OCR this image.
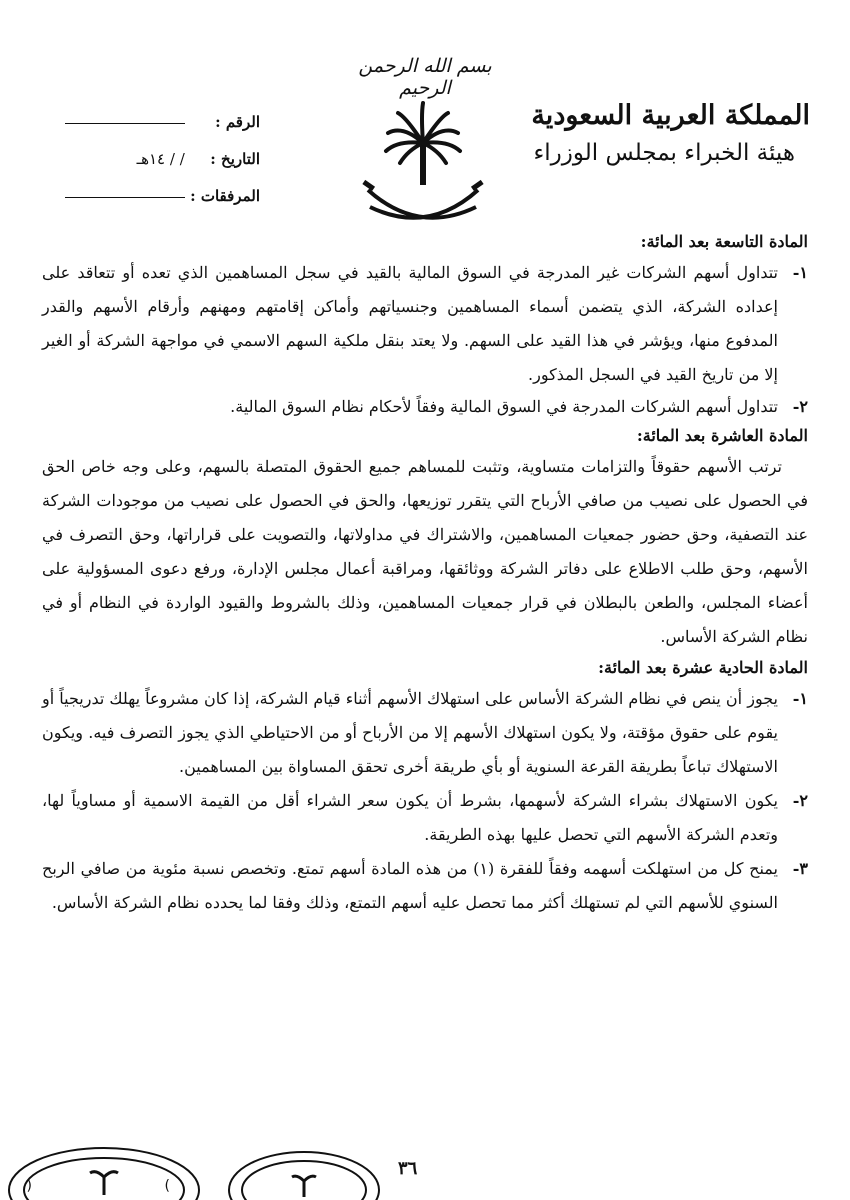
بسم الله الرحمن الرحيم
المملكة العربية السعودية
هيئة الخبراء بمجلس الوزراء
الرقم :
التاريخ : / / ١٤هـ
المرفقات :

المادة التاسعة بعد المائة:

١-
تتداول أسهم الشركات غير المدرجة في السوق المالية بالقيد في سجل المساهمين الذي تعده أو تتعاقد على إعداده الشركة، الذي يتضمن أسماء المساهمين وجنسياتهم وأماكن إقامتهم ومهنهم وأرقام الأسهم والقدر المدفوع منها، ويؤشر في هذا القيد على السهم. ولا يعتد بنقل ملكية السهم الاسمي في مواجهة الشركة أو الغير إلا من تاريخ القيد في السجل المذكور.
٢-
تتداول أسهم الشركات المدرجة في السوق المالية وفقاً لأحكام نظام السوق المالية.

المادة العاشرة بعد المائة:

ترتب الأسهم حقوقاً والتزامات متساوية، وتثبت للمساهم جميع الحقوق المتصلة بالسهم، وعلى وجه خاص الحق في الحصول على نصيب من صافي الأرباح التي يتقرر توزيعها، والحق في الحصول على نصيب من موجودات الشركة عند التصفية، وحق حضور جمعيات المساهمين، والاشتراك في مداولاتها، والتصويت على قراراتها، وحق التصرف في الأسهم، وحق طلب الاطلاع على دفاتر الشركة ووثائقها، ومراقبة أعمال مجلس الإدارة، ورفع دعوى المسؤولية على أعضاء المجلس، والطعن بالبطلان في قرار جمعيات المساهمين، وذلك بالشروط والقيود الواردة في النظام أو في نظام الشركة الأساس.

المادة الحادية عشرة بعد المائة:

١-
يجوز أن ينص في نظام الشركة الأساس على استهلاك الأسهم أثناء قيام الشركة، إذا كان مشروعاً يهلك تدريجياً أو يقوم على حقوق مؤقتة، ولا يكون استهلاك الأسهم إلا من الأرباح أو من الاحتياطي الذي يجوز التصرف فيه. ويكون الاستهلاك تباعاً بطريقة القرعة السنوية أو بأي طريقة أخرى تحقق المساواة بين المساهمين.
٢-
يكون الاستهلاك بشراء الشركة لأسهمها، بشرط أن يكون سعر الشراء أقل من القيمة الاسمية أو مساوياً لها، وتعدم الشركة الأسهم التي تحصل عليها بهذه الطريقة.
٣-
يمنح كل من استهلكت أسهمه وفقاً للفقرة (١) من هذه المادة أسهم تمتع. وتخصص نسبة مئوية من صافي الربح السنوي للأسهم التي لم تستهلك أكثر مما تحصل عليه أسهم التمتع، وذلك وفقا لما يحدده نظام الشركة الأساس.
٣٦
(	)
